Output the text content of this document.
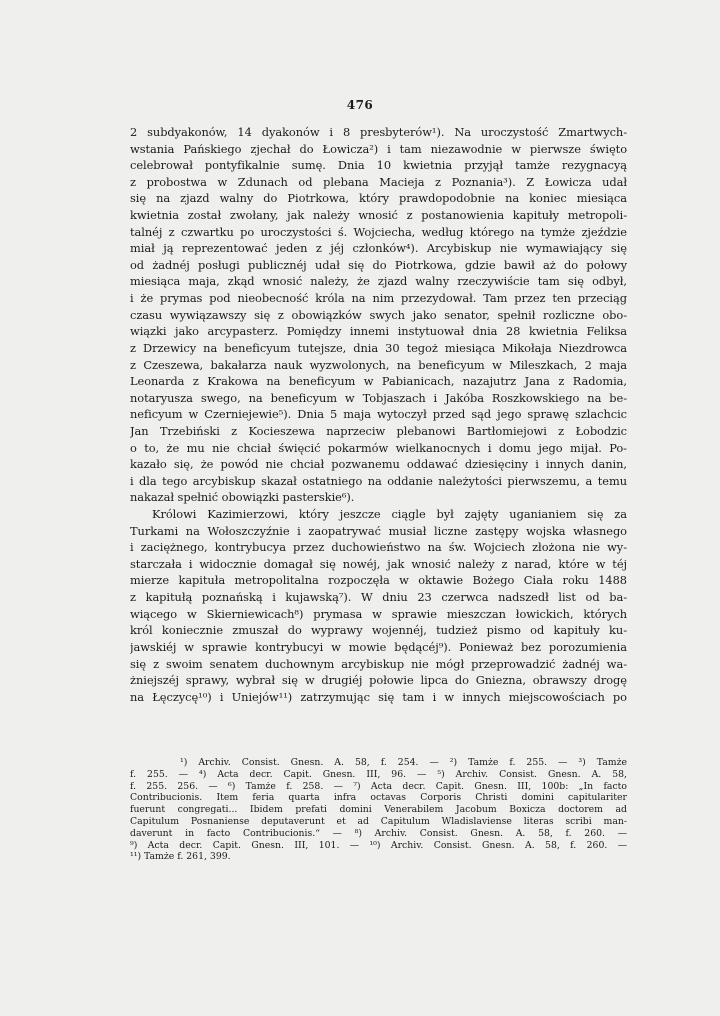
476

2 subdyakonów, 14 dyakonów i 8 presbyterów¹). Na uroczystość Zmartwych-
wstania Pańskiego zjechał do Łowicza²) i tam niezawodnie w pierwsze święto
celebrował pontyfikalnie sumę. Dnia 10 kwietnia przyjął tamże rezygnacyą
z probostwa w Zdunach od plebana Macieja z Poznania³). Z Łowicza udał
się na zjazd walny do Piotrkowa, który prawdopodobnie na koniec miesiąca
kwietnia został zwołany, jak należy wnosić z postanowienia kapituły metropoli-
talnéj z czwartku po uroczystości ś. Wojciecha, według którego na tymże zjeździe
miał ją reprezentować jeden z jéj członków⁴). Arcybiskup nie wymawiający się
od żadnéj posługi publicznéj udał się do Piotrkowa, gdzie bawił aż do połowy
miesiąca maja, zkąd wnosić należy, że zjazd walny rzeczywiście tam się odbył,
i że prymas pod nieobecność króla na nim przezydował. Tam przez ten przeciąg
czasu wywiązawszy się z obowiązków swych jako senator, spełnił rozliczne obo-
wiązki jako arcypasterz. Pomiędzy innemi instytuował dnia 28 kwietnia Feliksa
z Drzewicy na beneficyum tutejsze, dnia 30 tegoż miesiąca Mikołaja Niezdrowca
z Czeszewa, bakałarza nauk wyzwolonych, na beneficyum w Mileszkach, 2 maja
Leonarda z Krakowa na beneficyum w Pabianicach, nazajutrz Jana z Radomia,
notaryusza swego, na beneficyum w Tobjaszach i Jakóba Roszkowskiego na be-
neficyum w Czerniejewie⁵). Dnia 5 maja wytoczył przed sąd jego sprawę szlachcic
Jan Trzebiński z Kocieszewa naprzeciw plebanowi Bartłomiejowi z Łobodzic
o to, że mu nie chciał święcić pokarmów wielkanocnych i domu jego mijał. Po-
kazało się, że powód nie chciał pozwanemu oddawać dziesięciny i innych danin,
i dla tego arcybiskup skazał ostatniego na oddanie należytości pierwszemu, a temu
nakazał spełnić obowiązki pasterskie⁶).

Królowi Kazimierzowi, który jeszcze ciągle był zajęty uganianiem się za
Turkami na Wołoszczyźnie i zaopatrywać musiał liczne zastępy wojska własnego
i zaciężnego, kontrybucya przez duchowieństwo na św. Wojciech złożona nie wy-
starczała i widocznie domagał się nowéj, jak wnosić należy z narad, które w téj
mierze kapituła metropolitalna rozpoczęła w oktawie Bożego Ciała roku 1488
z kapitułą poznańską i kujawską⁷). W dniu 23 czerwca nadszedł list od ba-
wiącego w Skierniewicach⁸) prymasa w sprawie mieszczan łowickich, których
król koniecznie zmuszał do wyprawy wojennéj, tudzież pismo od kapituły ku-
jawskiéj w sprawie kontrybucyi w mowie będącéj⁹). Ponieważ bez porozumienia
się z swoim senatem duchownym arcybiskup nie mógł przeprowadzić żadnéj wa-
żniejszéj sprawy, wybrał się w drugiéj połowie lipca do Gniezna, obrawszy drogę
na Łęczycę¹⁰) i Uniejów¹¹) zatrzymując się tam i w innych miejscowościach po

¹) Archiv. Consist. Gnesn. A. 58, f. 254. — ²) Tamże f. 255. — ³) Tamże
f. 255. — ⁴) Acta decr. Capit. Gnesn. III, 96. — ⁵) Archiv. Consist. Gnesn. A. 58,
f. 255. 256. — ⁶) Tamże f. 258. — ⁷) Acta decr. Capit. Gnesn. III, 100b: „In facto
Contribucionis. Item feria quarta infra octavas Corporis Christi domini capitulariter
fuerunt congregati... Ibidem prefati domini Venerabilem Jacobum Boxicza doctorem ad
Capitulum Posnaniense deputaverunt et ad Capitulum Wladislaviense literas scribi man-
daverunt in facto Contribucionis.“ — ⁸) Archiv. Consist. Gnesn. A. 58, f. 260. —
⁹) Acta decr. Capit. Gnesn. III, 101. — ¹⁰) Archiv. Consist. Gnesn. A. 58, f. 260. —
¹¹) Tamże f. 261, 399.
